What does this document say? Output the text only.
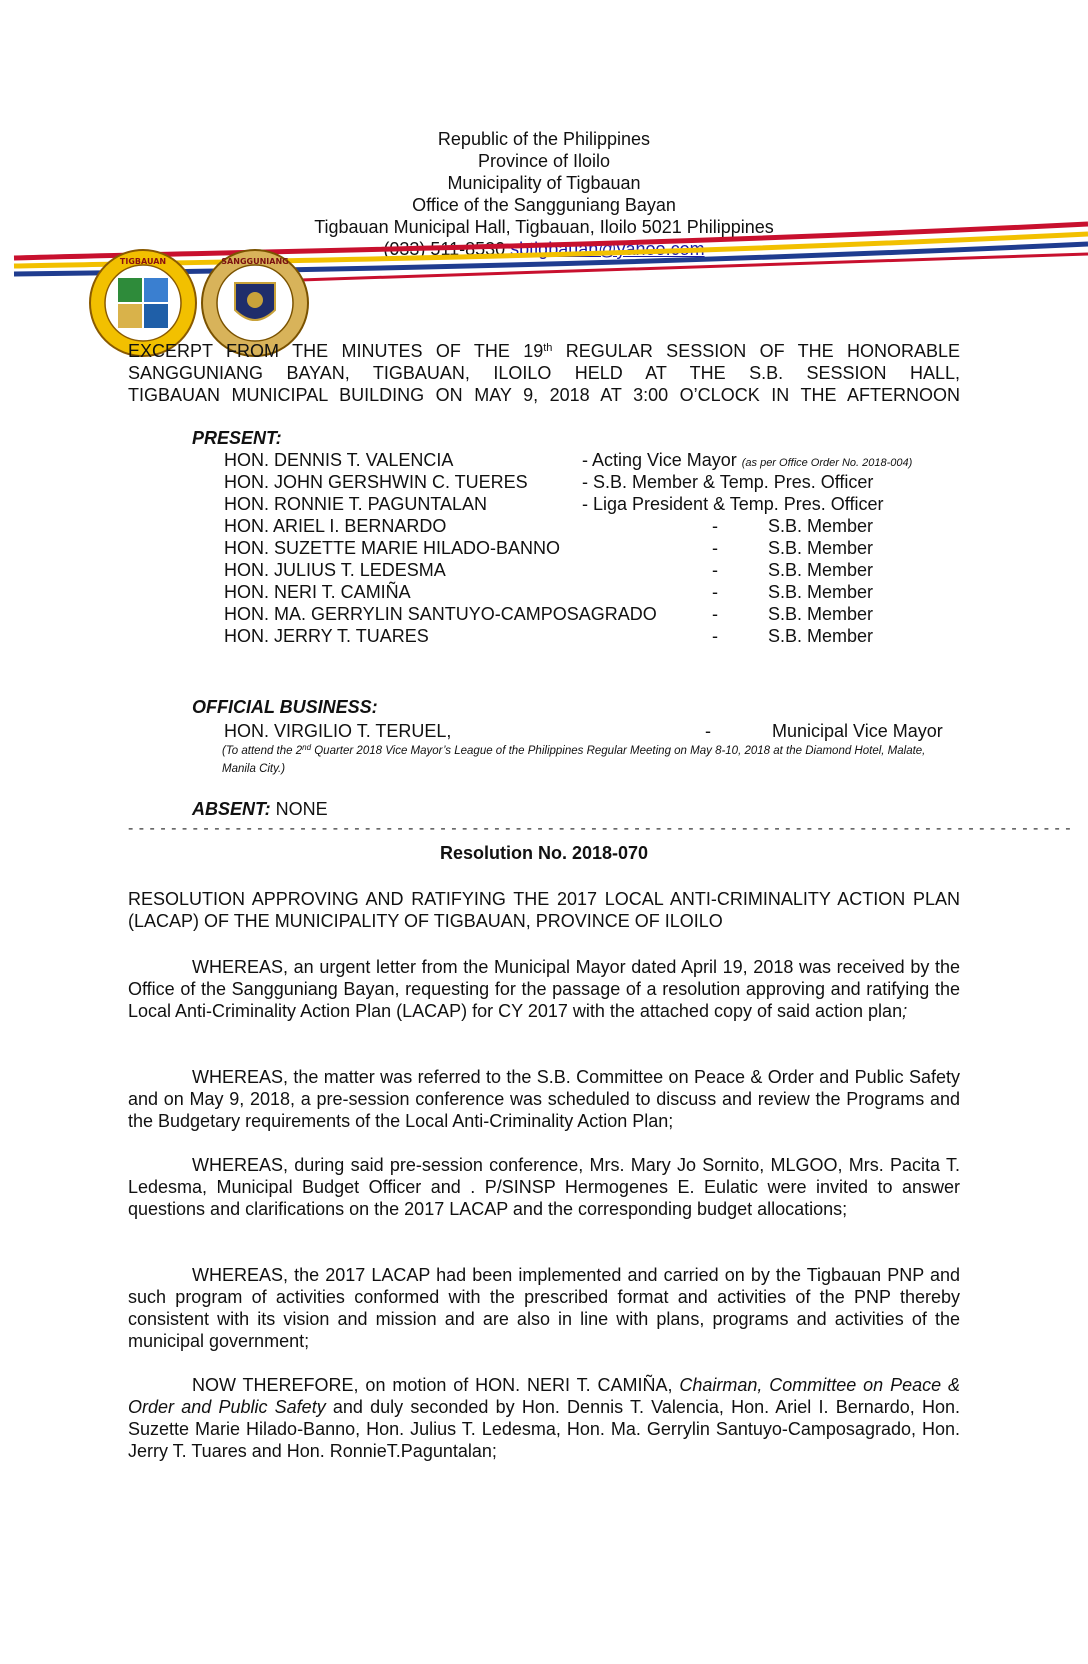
Republic of the Philippines
Province of Iloilo
Municipality of Tigbauan
Office of the Sangguniang Bayan
Tigbauan Municipal Hall, Tigbauan, Iloilo 5021 Philippines
(033) 511-8530 sbtigbauan@yahoo.com
TIGBAUAN	SANGGUNIANG
EXCERPT FROM THE MINUTES OF THE 19th REGULAR SESSION OF THE HONORABLE
SANGGUNIANG BAYAN, TIGBAUAN, ILOILO HELD AT THE S.B. SESSION HALL,
TIGBAUAN MUNICIPAL BUILDING ON MAY 9, 2018 AT 3:00 O’CLOCK IN THE AFTERNOON
PRESENT:
HON. DENNIS T. VALENCIA	- Acting Vice Mayor (as per Office Order No. 2018-004)
HON. JOHN GERSHWIN C. TUERES	- S.B. Member & Temp. Pres. Officer
HON. RONNIE T. PAGUNTALAN	- Liga President & Temp. Pres. Officer
HON. ARIEL I. BERNARDO	-	S.B. Member
HON. SUZETTE MARIE HILADO-BANNO	-	S.B. Member
HON. JULIUS T. LEDESMA	-	S.B. Member
HON. NERI T. CAMIÑA	-	S.B. Member
HON. MA. GERRYLIN SANTUYO-CAMPOSAGRADO	-	S.B. Member
HON. JERRY T. TUARES	-	S.B. Member
OFFICIAL BUSINESS:
HON. VIRGILIO T. TERUEL,	-	Municipal Vice Mayor
(To attend the 2nd Quarter 2018 Vice Mayor’s League of the Philippines Regular Meeting on May 8-10, 2018 at the Diamond Hotel, Malate, Manila City.)
ABSENT: NONE
- - - - - - - - - - - - - - - - - - - - - - - - - - - - - - - - - - - - - - - - - - - - - - - - - - - - - - - - - - - - - - - - - - - - - - - - - - - - - - - - - - - - - - - -
Resolution No. 2018-070
RESOLUTION APPROVING AND RATIFYING THE 2017 LOCAL ANTI-CRIMINALITY ACTION PLAN (LACAP) OF THE MUNICIPALITY OF TIGBAUAN, PROVINCE OF ILOILO
WHEREAS, an urgent letter from the Municipal Mayor dated April 19, 2018 was received by the Office of the Sangguniang Bayan, requesting for the passage of a resolution approving and ratifying the Local Anti-Criminality Action Plan (LACAP) for CY 2017 with the attached copy of said action plan;
WHEREAS, the matter was referred to the S.B. Committee on Peace & Order and Public Safety and on May 9, 2018, a pre-session conference was scheduled to discuss and review the Programs and the Budgetary requirements of the Local Anti-Criminality Action Plan;
WHEREAS, during said pre-session conference, Mrs. Mary Jo Sornito, MLGOO, Mrs. Pacita T. Ledesma, Municipal Budget Officer and . P/SINSP Hermogenes E. Eulatic were invited to answer questions and clarifications on the 2017 LACAP and the corresponding budget allocations;
WHEREAS, the 2017 LACAP had been implemented and carried on by the Tigbauan PNP and such program of activities conformed with the prescribed format and activities of the PNP thereby consistent with its vision and mission and are also in line with plans, programs and activities of the municipal government;
NOW THEREFORE, on motion of HON. NERI T. CAMIÑA, Chairman, Committee on Peace & Order and Public Safety and duly seconded by Hon. Dennis T. Valencia, Hon. Ariel I. Bernardo, Hon. Suzette Marie Hilado-Banno, Hon. Julius T. Ledesma, Hon. Ma. Gerrylin Santuyo-Camposagrado, Hon. Jerry T. Tuares and Hon. RonnieT.Paguntalan;
